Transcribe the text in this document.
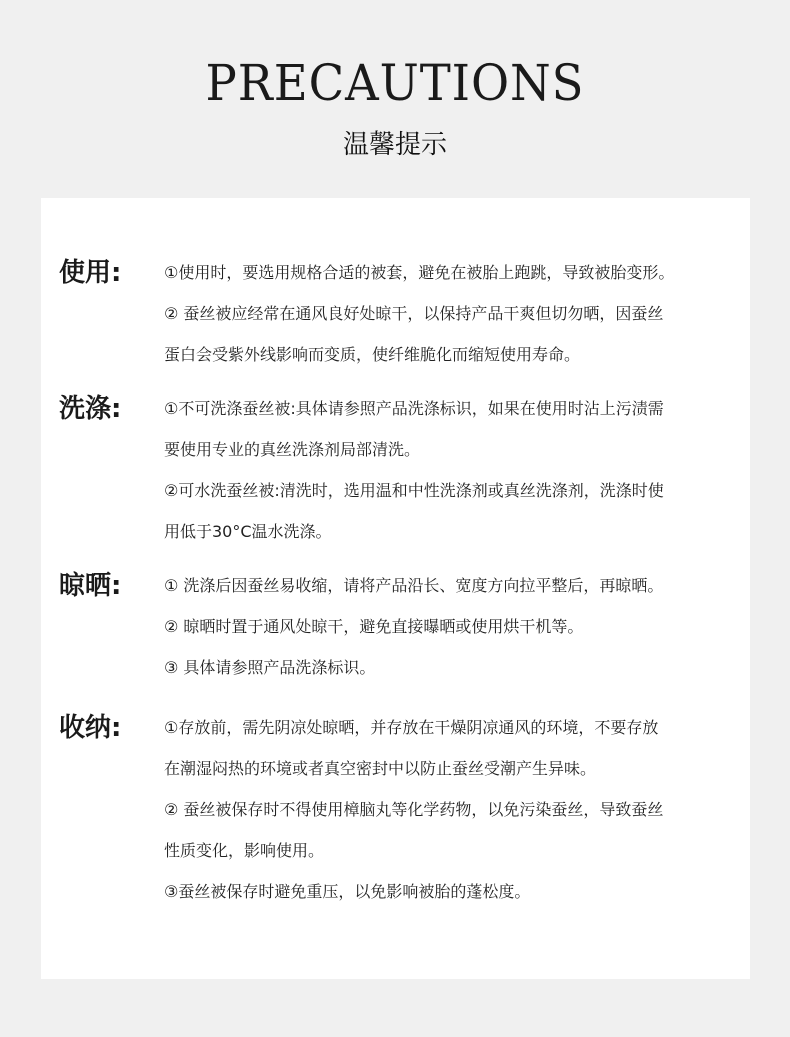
PRECAUTIONS
温馨提示
使用:	①使用时，要选用规格合适的被套，避免在被胎上跑跳，导致被胎变形。
② 蚕丝被应经常在通风良好处晾干，以保持产品干爽但切勿晒，因蚕丝
蛋白会受紫外线影响而变质，使纤维脆化而缩短使用寿命。
洗涤:	①不可洗涤蚕丝被:具体请参照产品洗涤标识，如果在使用时沾上污渍需
要使用专业的真丝洗涤剂局部清洗。
②可水洗蚕丝被:清洗时，选用温和中性洗涤剂或真丝洗涤剂，洗涤时使
用低于30°C温水洗涤。
晾晒:	① 洗涤后因蚕丝易收缩，请将产品沿长、宽度方向拉平整后，再晾晒。
② 晾晒时置于通风处晾干，避免直接曝晒或使用烘干机等。
③ 具体请参照产品洗涤标识。
收纳:	①存放前，需先阴凉处晾晒，并存放在干燥阴凉通风的环境，不要存放
在潮湿闷热的环境或者真空密封中以防止蚕丝受潮产生异味。
② 蚕丝被保存时不得使用樟脑丸等化学药物，以免污染蚕丝，导致蚕丝
性质变化，影响使用。
③蚕丝被保存时避免重压，以免影响被胎的蓬松度。
